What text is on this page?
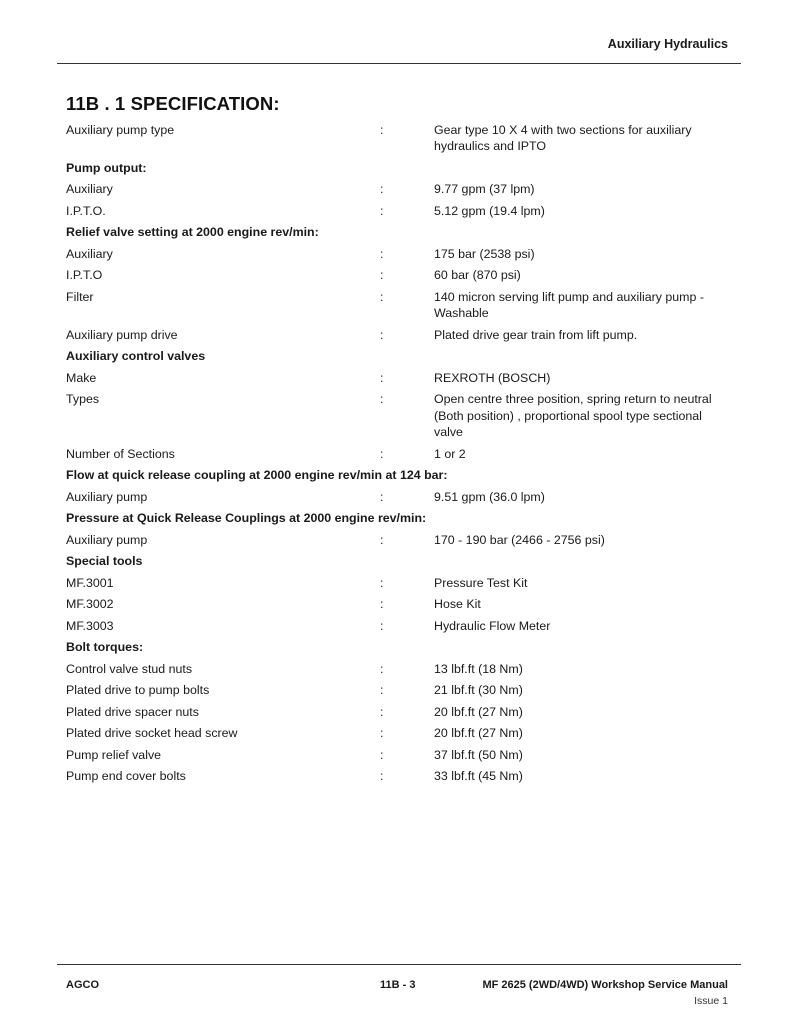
Auxiliary Hydraulics
11B . 1 SPECIFICATION:
Auxiliary pump type	:	Gear type 10 X 4 with two sections for auxiliary hydraulics and IPTO
Pump output:
Auxiliary	:	9.77 gpm (37 lpm)
I.P.T.O.	:	5.12 gpm (19.4 lpm)
Relief valve setting at 2000 engine rev/min:
Auxiliary	:	175 bar (2538 psi)
I.P.T.O	:	60 bar (870 psi)
Filter	:	140 micron serving lift pump and auxiliary pump - Washable
Auxiliary pump drive	:	Plated drive gear train from lift pump.
Auxiliary control valves
Make	:	REXROTH (BOSCH)
Types	:	Open centre three position, spring return to neutral (Both position) , proportional spool type sectional valve
Number of Sections	:	1 or 2
Flow at quick release coupling at 2000 engine rev/min at 124 bar:
Auxiliary pump	:	9.51 gpm (36.0 lpm)
Pressure at Quick Release Couplings at 2000 engine rev/min:
Auxiliary pump	:	170 - 190 bar (2466 - 2756 psi)
Special tools
MF.3001	:	Pressure Test Kit
MF.3002	:	Hose Kit
MF.3003	:	Hydraulic Flow Meter
Bolt torques:
Control valve stud nuts	:	13 lbf.ft (18 Nm)
Plated drive to pump bolts	:	21 lbf.ft (30 Nm)
Plated drive spacer nuts	:	20 lbf.ft (27 Nm)
Plated drive socket head screw	:	20 lbf.ft (27 Nm)
Pump relief valve	:	37 lbf.ft (50 Nm)
Pump end cover bolts	:	33 lbf.ft (45 Nm)
AGCO	11B - 3	MF 2625 (2WD/4WD) Workshop Service Manual
Issue 1
